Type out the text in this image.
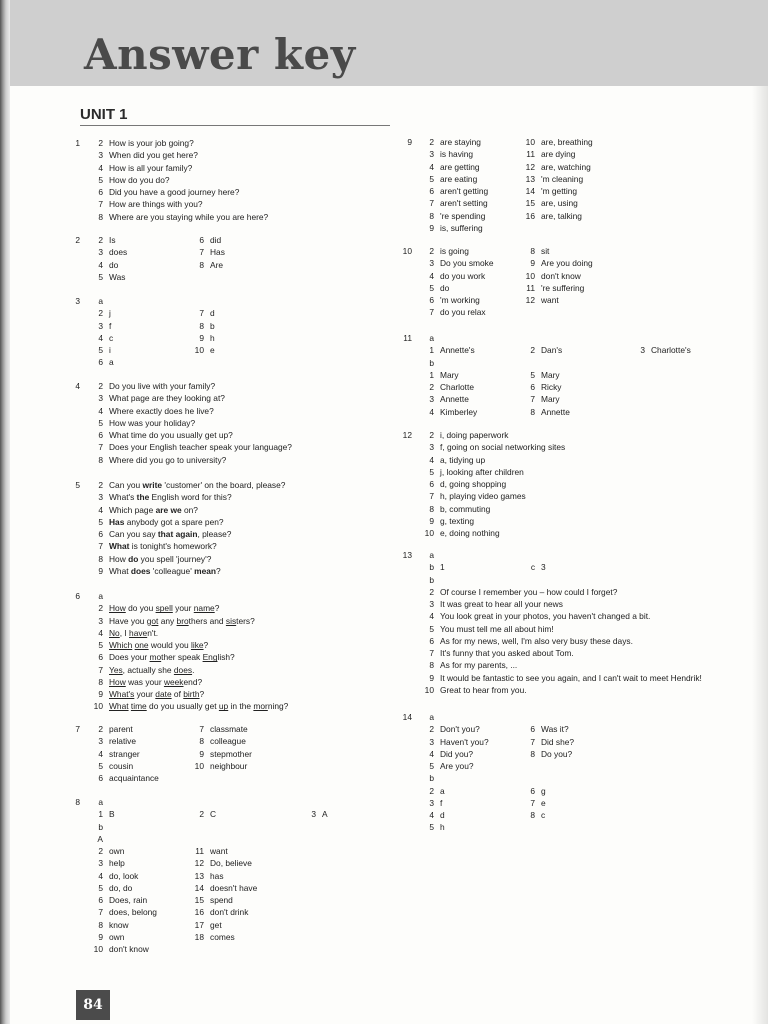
Answer key
UNIT 1
1	2 How is your job going?
3 When did you get here?
4 How is all your family?
5 How do you do?
6 Did you have a good journey here?
7 How are things with you?
8 Where are you staying while you are here?
2	2 Is	6 did
3 does	7 Has
4 do	8 Are
5 Was
3	a
2 j	7 d
3 f	8 b
4 c	9 h
5 i	10 e
6 a
4	2 Do you live with your family?
3 What page are they looking at?
4 Where exactly does he live?
5 How was your holiday?
6 What time do you usually get up?
7 Does your English teacher speak your language?
8 Where did you go to university?
5	2 Can you write 'customer' on the board, please?
3 What's the English word for this?
4 Which page are we on?
5 Has anybody got a spare pen?
6 Can you say that again, please?
7 What is tonight's homework?
8 How do you spell 'journey'?
9 What does 'colleague' mean?
6	a
2 How do you spell your name?
3 Have you got any brothers and sisters?
4 No, I haven't.
5 Which one would you like?
6 Does your mother speak English?
7 Yes, actually she does.
8 How was your weekend?
9 What's your date of birth?
10 What time do you usually get up in the morning?
7	2 parent	7 classmate
3 relative	8 colleague
4 stranger	9 stepmother
5 cousin	10 neighbour
6 acquaintance
8	a
1 B	2 C	3 A
b
A
2 own	11 want
3 help	12 Do, believe
4 do, look	13 has
5 do, do	14 doesn't have
6 Does, rain	15 spend
7 does, belong	16 don't drink
8 know	17 get
9 own	18 comes
10 don't know
9	2 are staying	10 are, breathing
3 is having	11 are dying
4 are getting	12 are, watching
5 are eating	13 'm cleaning
6 aren't getting	14 'm getting
7 aren't setting	15 are, using
8 're spending	16 are, talking
9 is, suffering
10	2 is going	8 sit
3 Do you smoke	9 Are you doing
4 do you work	10 don't know
5 do	11 're suffering
6 'm working	12 want
7 do you relax
11	a
1 Annette's	2 Dan's	3 Charlotte's
b
1 Mary	5 Mary
2 Charlotte	6 Ricky
3 Annette	7 Mary
4 Kimberley	8 Annette
12	2 i, doing paperwork
3 f, going on social networking sites
4 a, tidying up
5 j, looking after children
6 d, going shopping
7 h, playing video games
8 b, commuting
9 g, texting
10 e, doing nothing
13	a
b 1	c 3
b
2 Of course I remember you – how could I forget?
3 It was great to hear all your news
4 You look great in your photos, you haven't changed a bit.
5 You must tell me all about him!
6 As for my news, well, I'm also very busy these days.
7 It's funny that you asked about Tom.
8 As for my parents, ...
9 It would be fantastic to see you again, and I can't wait to meet Hendrik!
10 Great to hear from you.
14	a
2 Don't you?	6 Was it?
3 Haven't you?	7 Did she?
4 Did you?	8 Do you?
5 Are you?
b
2 a	6 g
3 f	7 e
4 d	8 c
5 h
84
